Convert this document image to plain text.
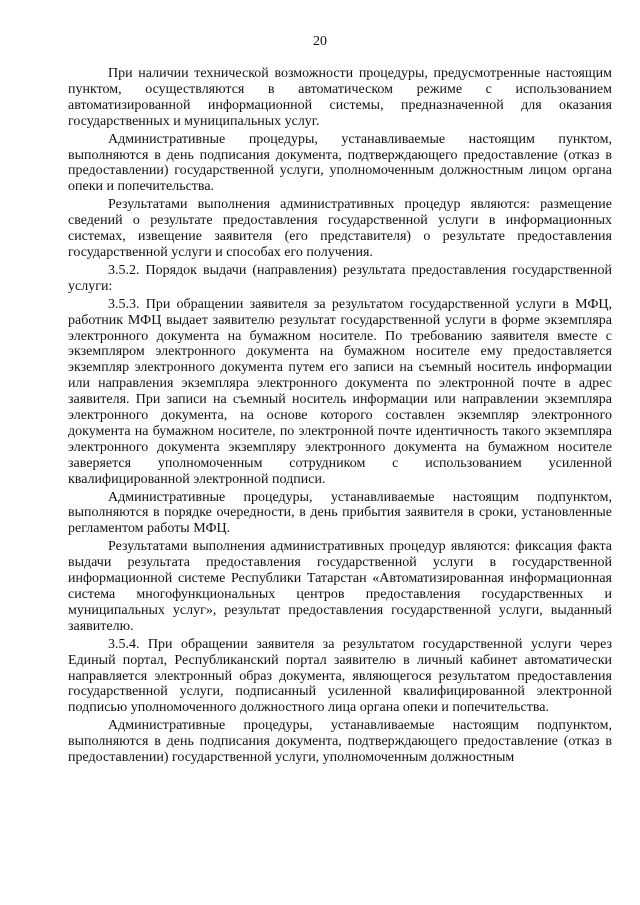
20

При наличии технической возможности процедуры, предусмотренные настоящим пунктом, осуществляются в автоматическом режиме с использованием автоматизированной информационной системы, предназначенной для оказания государственных и муниципальных услуг.

Административные процедуры, устанавливаемые настоящим пунктом, выполняются в день подписания документа, подтверждающего предоставление (отказ в предоставлении) государственной услуги, уполномоченным должностным лицом органа опеки и попечительства.

Результатами выполнения административных процедур являются: размещение сведений о результате предоставления государственной услуги в информационных системах, извещение заявителя (его представителя) о результате предоставления государственной услуги и способах его получения.

3.5.2. Порядок выдачи (направления) результата предоставления государственной услуги:

3.5.3. При обращении заявителя за результатом государственной услуги в МФЦ, работник МФЦ выдает заявителю результат государственной услуги в форме экземпляра электронного документа на бумажном носителе. По требованию заявителя вместе с экземпляром электронного документа на бумажном носителе ему предоставляется экземпляр электронного документа путем его записи на съемный носитель информации или направления экземпляра электронного документа по электронной почте в адрес заявителя. При записи на съемный носитель информации или направлении экземпляра электронного документа, на основе которого составлен экземпляр электронного документа на бумажном носителе, по электронной почте идентичность такого экземпляра электронного документа экземпляру электронного документа на бумажном носителе заверяется уполномоченным сотрудником с использованием усиленной квалифицированной электронной подписи.

Административные процедуры, устанавливаемые настоящим подпунктом, выполняются в порядке очередности, в день прибытия заявителя в сроки, установленные регламентом работы МФЦ.

Результатами выполнения административных процедур являются: фиксация факта выдачи результата предоставления государственной услуги в государственной информационной системе Республики Татарстан «Автоматизированная информационная система многофункциональных центров предоставления государственных и муниципальных услуг», результат предоставления государственной услуги, выданный заявителю.

3.5.4. При обращении заявителя за результатом государственной услуги через Единый портал, Республиканский портал заявителю в личный кабинет автоматически направляется электронный образ документа, являющегося результатом предоставления государственной услуги, подписанный усиленной квалифицированной электронной подписью уполномоченного должностного лица органа опеки и попечительства.

Административные процедуры, устанавливаемые настоящим подпунктом, выполняются в день подписания документа, подтверждающего предоставление (отказ в предоставлении) государственной услуги, уполномоченным должностным
